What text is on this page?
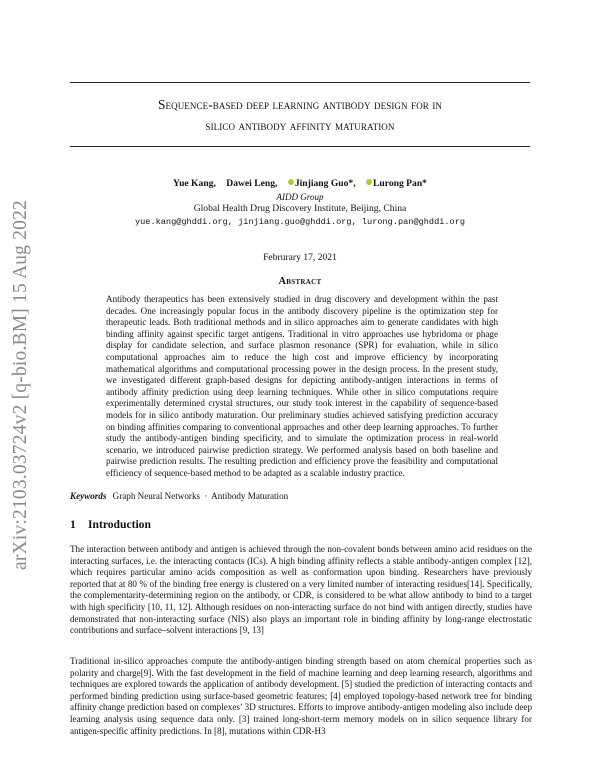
arXiv:2103.03724v2 [q-bio.BM] 15 Aug 2022
Sequence-based deep learning antibody design for in
silico antibody affinity maturation
Yue Kang, Dawei Leng, Jinjiang Guo*, Lurong Pan*
AIDD Group
Global Health Drug Discovery Institute, Beijing, China
yue.kang@ghddi.org, jinjiang.guo@ghddi.org, lurong.pan@ghddi.org
Februrary 17, 2021
Abstract
Antibody therapeutics has been extensively studied in drug discovery and development within the past decades. One increasingly popular focus in the antibody discovery pipeline is the optimization step for therapeutic leads. Both traditional methods and in silico approaches aim to generate candidates with high binding affinity against specific target antigens. Traditional in vitro approaches use hybridoma or phage display for candidate selection, and surface plasmon resonance (SPR) for evaluation, while in silico computational approaches aim to reduce the high cost and improve efficiency by incorporating mathematical algorithms and computational processing power in the design process. In the present study, we investigated different graph-based designs for depicting antibody-antigen interactions in terms of antibody affinity prediction using deep learning techniques. While other in silico computations require experimentally determined crystal structures, our study took interest in the capability of sequence-based models for in silico antibody maturation. Our preliminary studies achieved satisfying prediction accuracy on binding affinities comparing to conventional approaches and other deep learning approaches. To further study the antibody-antigen binding specificity, and to simulate the optimization process in real-world scenario, we introduced pairwise prediction strategy. We performed analysis based on both baseline and pairwise prediction results. The resulting prediction and efficiency prove the feasibility and computational efficiency of sequence-based method to be adapted as a scalable industry practice.
Keywords Graph Neural Networks · Antibody Maturation
1 Introduction
The interaction between antibody and antigen is achieved through the non-covalent bonds between amino acid residues on the interacting surfaces, i.e. the interacting contacts (ICs). A high binding affinity reflects a stable antibody-antigen complex [12], which requires particular amino acids composition as well as conformation upon binding. Researchers have previously reported that at 80 % of the binding free energy is clustered on a very limited number of interacting residues[14]. Specifically, the complementarity-determining region on the antibody, or CDR, is considered to be what allow antibody to bind to a target with high specificity [10, 11, 12]. Although residues on non-interacting surface do not bind with antigen directly, studies have demonstrated that non-interacting surface (NIS) also plays an important role in binding affinity by long-range electrostatic contributions and surface–solvent interactions [9, 13]
Traditional in-silico approaches compute the antibody-antigen binding strength based on atom chemical properties such as polarity and charge[9]. With the fast development in the field of machine learning and deep learning research, algorithms and techniques are explored towards the application of antibody development. [5] studied the prediction of interacting contacts and performed binding prediction using surface-based geometric features; [4] employed topology-based network tree for binding affinity change prediction based on complexes’ 3D structures. Efforts to improve antibody-antigen modeling also include deep learning analysis using sequence data only. [3] trained long-short-term memory models on in silico sequence library for antigen-specific affinity predictions. In [8], mutations within CDR-H3
